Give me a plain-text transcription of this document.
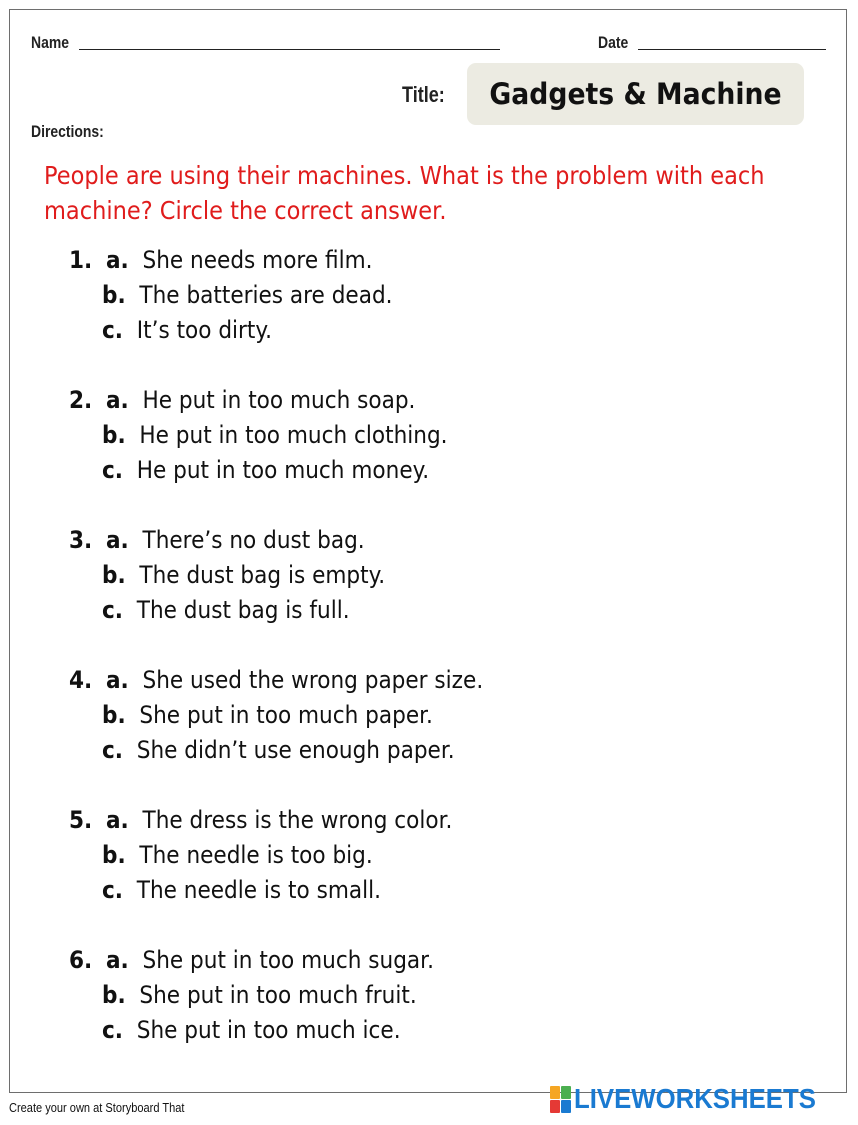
Name	Date
Title:	Gadgets & Machine
Directions:
People are using their machines. What is the problem with each machine? Circle the correct answer.
1. a. She needs more film.
b. The batteries are dead.
c. It’s too dirty.
2. a. He put in too much soap.
b. He put in too much clothing.
c. He put in too much money.
3. a. There’s no dust bag.
b. The dust bag is empty.
c. The dust bag is full.
4. a. She used the wrong paper size.
b. She put in too much paper.
c. She didn’t use enough paper.
5. a. The dress is the wrong color.
b. The needle is too big.
c. The needle is to small.
6. a. She put in too much sugar.
b. She put in too much fruit.
c. She put in too much ice.
Create your own at Storyboard That	LIVEWORKSHEETS
